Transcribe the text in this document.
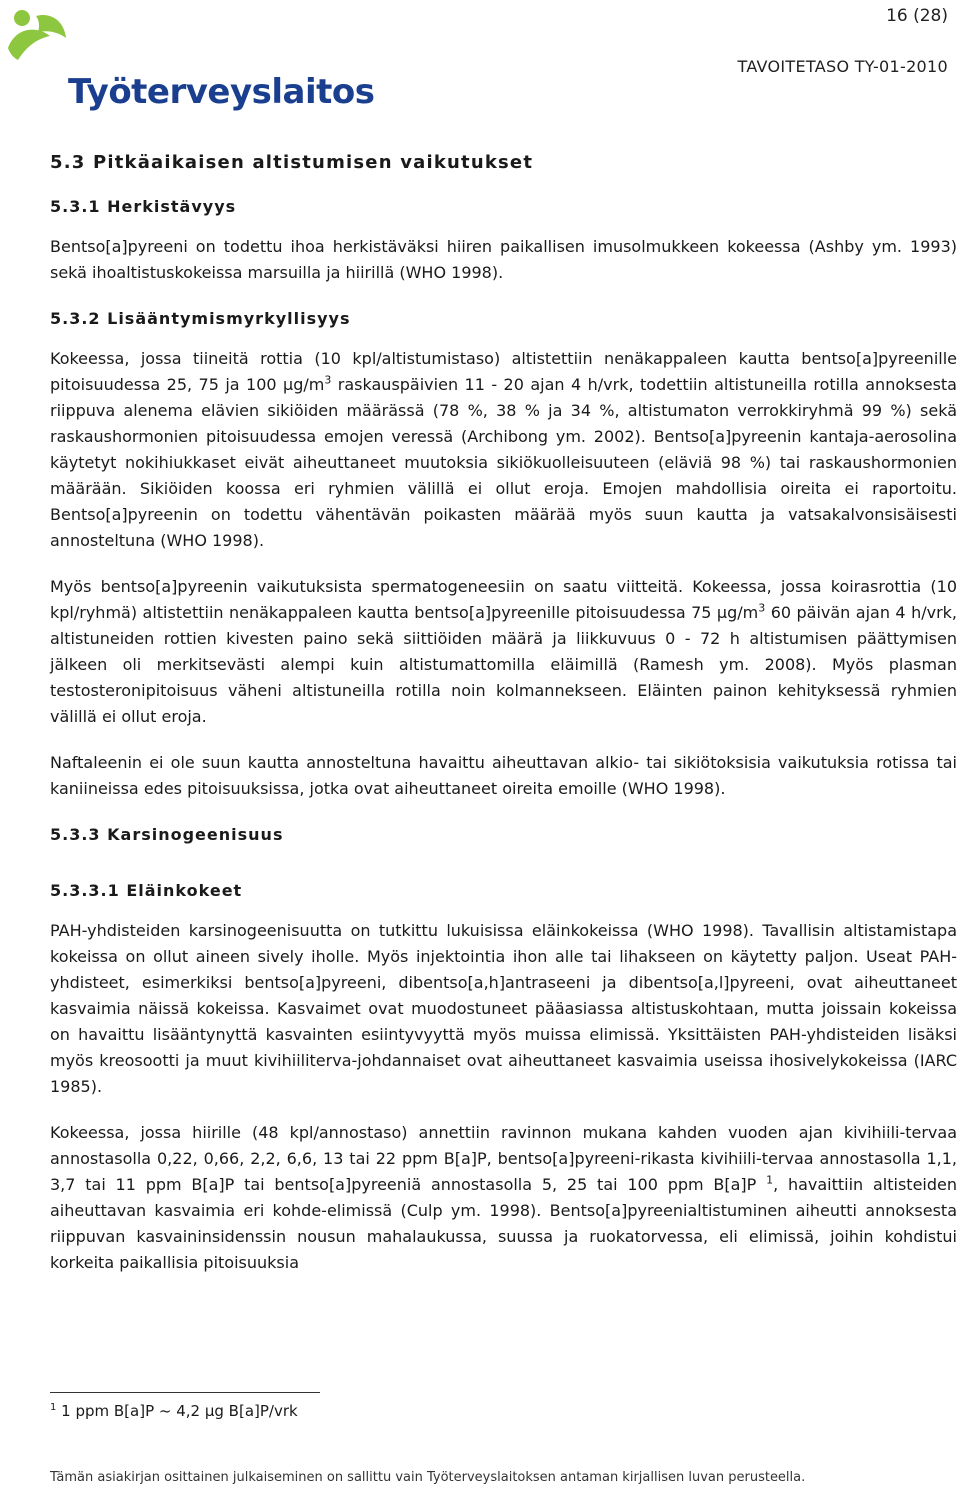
16 (28)
TAVOITETASO TY-01-2010
Työterveyslaitos
5.3 Pitkäaikaisen altistumisen vaikutukset
5.3.1 Herkistävyys

Bentso[a]pyreeni on todettu ihoa herkistäväksi hiiren paikallisen imusolmukkeen kokeessa (Ashby ym. 1993) sekä ihoaltistuskokeissa marsuilla ja hiirillä (WHO 1998).

5.3.2 Lisääntymismyrkyllisyys

Kokeessa, jossa tiineitä rottia (10 kpl/altistumistaso) altistettiin nenäkappaleen kautta bentso[a]pyreenille pitoisuudessa 25, 75 ja 100 $\mu g/m^3$ raskauspäivien 11 - 20 ajan 4 h/vrk, todettiin altistuneilla rotilla annoksesta riippuva alenema elävien sikiöiden määrässä (78 %, 38 % ja 34 %, altistumaton verrokkiryhmä 99 %) sekä raskaushormonien pitoisuudessa emojen veressä (Archibong ym. 2002). Bentso[a]pyreenin kantaja-aerosolina käytetyt nokihiukkaset eivät aiheuttaneet muutoksia sikiökuolleisuuteen (eläviä 98 %) tai raskaushormonien määrään. Sikiöiden koossa eri ryhmien välillä ei ollut eroja. Emojen mahdollisia oireita ei raportoitu. Bentso[a]pyreenin on todettu vähentävän poikasten määrää myös suun kautta ja vatsakalvonsisäisesti annosteltuna (WHO 1998).

Myös bentso[a]pyreenin vaikutuksista spermatogeneesiin on saatu viitteitä. Kokeessa, jossa koirasrottia (10 kpl/ryhmä) altistettiin nenäkappaleen kautta bentso[a]pyreenille pitoisuudessa 75 $\mu g/m^3$ 60 päivän ajan 4 h/vrk, altistuneiden rottien kivesten paino sekä siittiöiden määrä ja liikkuvuus 0 - 72 h altistumisen päättymisen jälkeen oli merkitsevästi alempi kuin altistumattomilla eläimillä (Ramesh ym. 2008). Myös plasman testosteronipitoisuus väheni altistuneilla rotilla noin kolmannekseen. Eläinten painon kehityksessä ryhmien välillä ei ollut eroja.

Naftaleenin ei ole suun kautta annosteltuna havaittu aiheuttavan alkio- tai sikiötoksisia vaikutuksia rotissa tai kaniineissa edes pitoisuuksissa, jotka ovat aiheuttaneet oireita emoille (WHO 1998).

5.3.3 Karsinogeenisuus
5.3.3.1 Eläinkokeet

PAH-yhdisteiden karsinogeenisuutta on tutkittu lukuisissa eläinkokeissa (WHO 1998). Tavallisin altistamistapa kokeissa on ollut aineen sively iholle. Myös injektointia ihon alle tai lihakseen on käytetty paljon. Useat PAH-yhdisteet, esimerkiksi bentso[a]pyreeni, dibentso[a,h]antraseeni ja dibentso[a,l]pyreeni, ovat aiheuttaneet kasvaimia näissä kokeissa. Kasvaimet ovat muodostuneet pääasiassa altistuskohtaan, mutta joissain kokeissa on havaittu lisääntynyttä kasvainten esiintyvyyttä myös muissa elimissä. Yksittäisten PAH-yhdisteiden lisäksi myös kreosootti ja muut kivihiiliterva-johdannaiset ovat aiheuttaneet kasvaimia useissa ihosivelykokeissa (IARC 1985).

Kokeessa, jossa hiirille (48 kpl/annostaso) annettiin ravinnon mukana kahden vuoden ajan kivihiili-tervaa annostasolla 0,22, 0,66, 2,2, 6,6, 13 tai 22 ppm B[a]P, bentso[a]pyreeni-rikasta kivihiili-tervaa annostasolla 1,1, 3,7 tai 11 ppm B[a]P tai bentso[a]pyreeniä annostasolla 5, 25 tai 100 ppm B[a]P $^1$, havaittiin altisteiden aiheuttavan kasvaimia eri kohde-elimissä (Culp ym. 1998). Bentso[a]pyreenialtistuminen aiheutti annoksesta riippuvan kasvaininsidenssin nousun mahalaukussa, suussa ja ruokatorvessa, eli elimissä, joihin kohdistui korkeita paikallisia pitoisuuksia

$^1$ 1 ppm B[a]P ~ 4,2 µg B[a]P/vrk
Tämän asiakirjan osittainen julkaiseminen on sallittu vain Työterveyslaitoksen antaman kirjallisen luvan perusteella.
